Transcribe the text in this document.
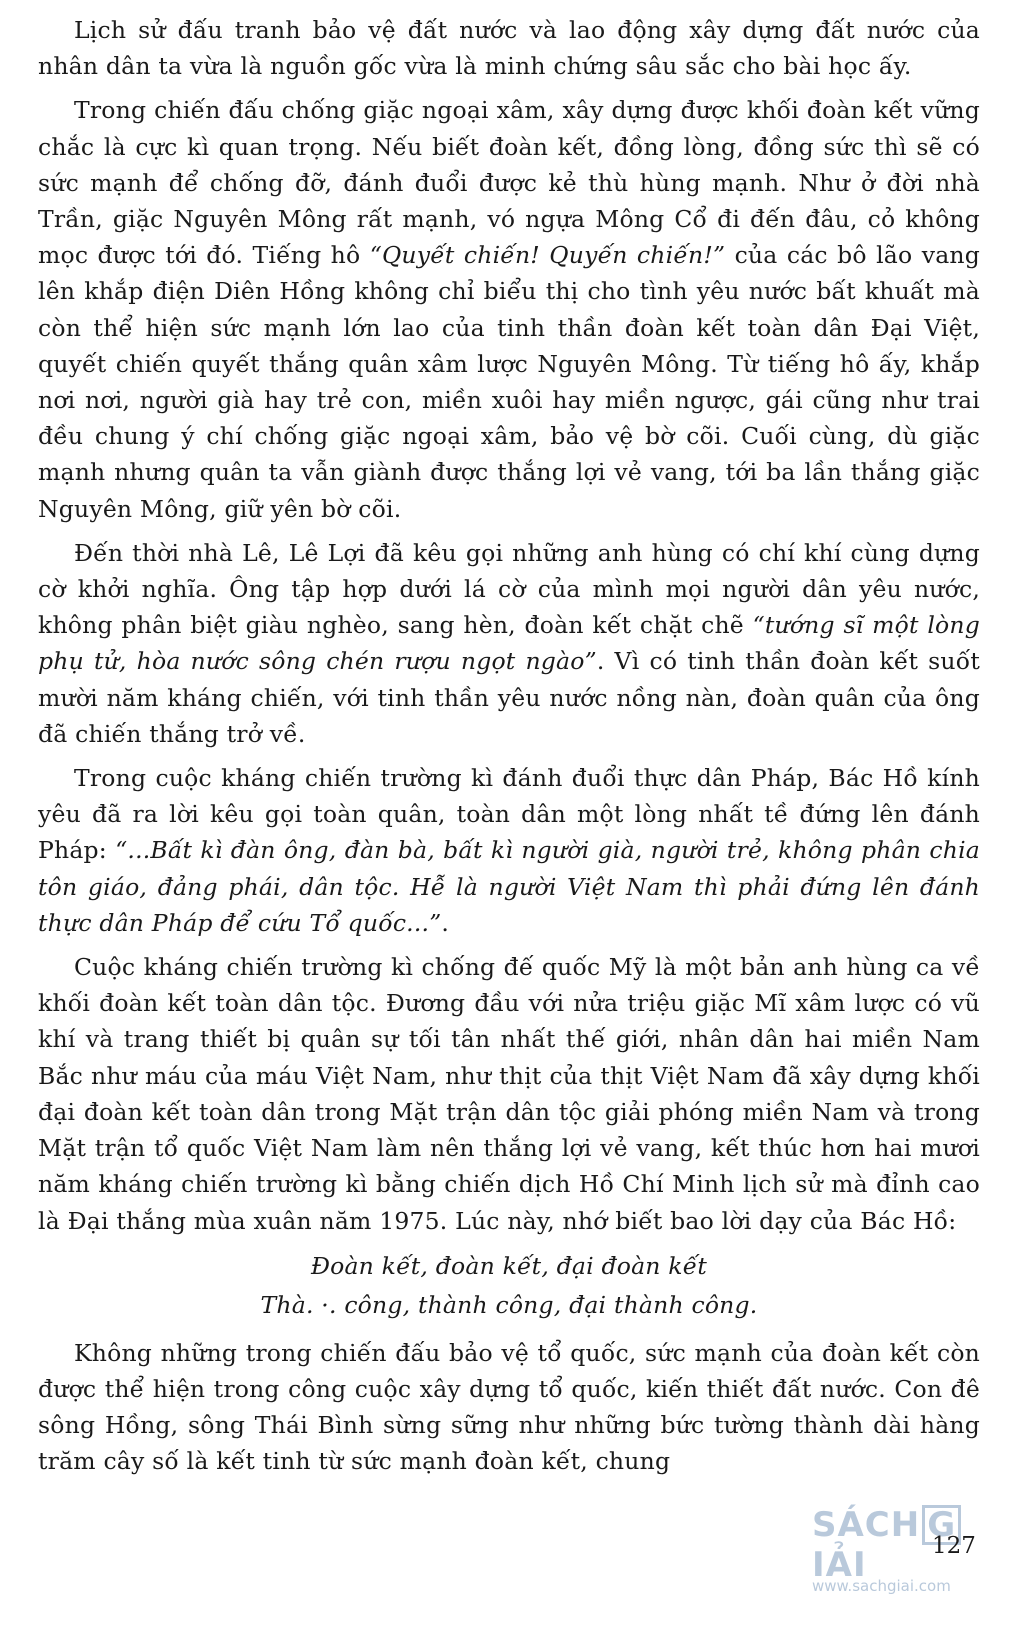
Lịch sử đấu tranh bảo vệ đất nước và lao động xây dựng đất nước của nhân dân ta vừa là nguồn gốc vừa là minh chứng sâu sắc cho bài học ấy.

Trong chiến đấu chống giặc ngoại xâm, xây dựng được khối đoàn kết vững chắc là cực kì quan trọng. Nếu biết đoàn kết, đồng lòng, đồng sức thì sẽ có sức mạnh để chống đỡ, đánh đuổi được kẻ thù hùng mạnh. Như ở đời nhà Trần, giặc Nguyên Mông rất mạnh, vó ngựa Mông Cổ đi đến đâu, cỏ không mọc được tới đó. Tiếng hô “Quyết chiến! Quyến chiến!” của các bô lão vang lên khắp điện Diên Hồng không chỉ biểu thị cho tình yêu nước bất khuất mà còn thể hiện sức mạnh lớn lao của tinh thần đoàn kết toàn dân Đại Việt, quyết chiến quyết thắng quân xâm lược Nguyên Mông. Từ tiếng hô ấy, khắp nơi nơi, người già hay trẻ con, miền xuôi hay miền ngược, gái cũng như trai đều chung ý chí chống giặc ngoại xâm, bảo vệ bờ cõi. Cuối cùng, dù giặc mạnh nhưng quân ta vẫn giành được thắng lợi vẻ vang, tới ba lần thắng giặc Nguyên Mông, giữ yên bờ cõi.

Đến thời nhà Lê, Lê Lợi đã kêu gọi những anh hùng có chí khí cùng dựng cờ khởi nghĩa. Ông tập hợp dưới lá cờ của mình mọi người dân yêu nước, không phân biệt giàu nghèo, sang hèn, đoàn kết chặt chẽ “tướng sĩ một lòng phụ tử, hòa nước sông chén rượu ngọt ngào”. Vì có tinh thần đoàn kết suốt mười năm kháng chiến, với tinh thần yêu nước nồng nàn, đoàn quân của ông đã chiến thắng trở về.

Trong cuộc kháng chiến trường kì đánh đuổi thực dân Pháp, Bác Hồ kính yêu đã ra lời kêu gọi toàn quân, toàn dân một lòng nhất tề đứng lên đánh Pháp: “...Bất kì đàn ông, đàn bà, bất kì người già, người trẻ, không phân chia tôn giáo, đảng phái, dân tộc. Hễ là người Việt Nam thì phải đứng lên đánh thực dân Pháp để cứu Tổ quốc...”.

Cuộc kháng chiến trường kì chống đế quốc Mỹ là một bản anh hùng ca về khối đoàn kết toàn dân tộc. Đương đầu với nửa triệu giặc Mĩ xâm lược có vũ khí và trang thiết bị quân sự tối tân nhất thế giới, nhân dân hai miền Nam Bắc như máu của máu Việt Nam, như thịt của thịt Việt Nam đã xây dựng khối đại đoàn kết toàn dân trong Mặt trận dân tộc giải phóng miền Nam và trong Mặt trận tổ quốc Việt Nam làm nên thắng lợi vẻ vang, kết thúc hơn hai mươi năm kháng chiến trường kì bằng chiến dịch Hồ Chí Minh lịch sử mà đỉnh cao là Đại thắng mùa xuân năm 1975. Lúc này, nhớ biết bao lời dạy của Bác Hồ:

Đoàn kết, đoàn kết, đại đoàn kết
Thà. ·. công, thành công, đại thành công.

Không những trong chiến đấu bảo vệ tổ quốc, sức mạnh của đoàn kết còn được thể hiện trong công cuộc xây dựng tổ quốc, kiến thiết đất nước. Con đê sông Hồng, sông Thái Bình sừng sững như những bức tường thành dài hàng trăm cây số là kết tinh từ sức mạnh đoàn kết, chung

SÁCH GIẢI
www.sachgiai.com
127
